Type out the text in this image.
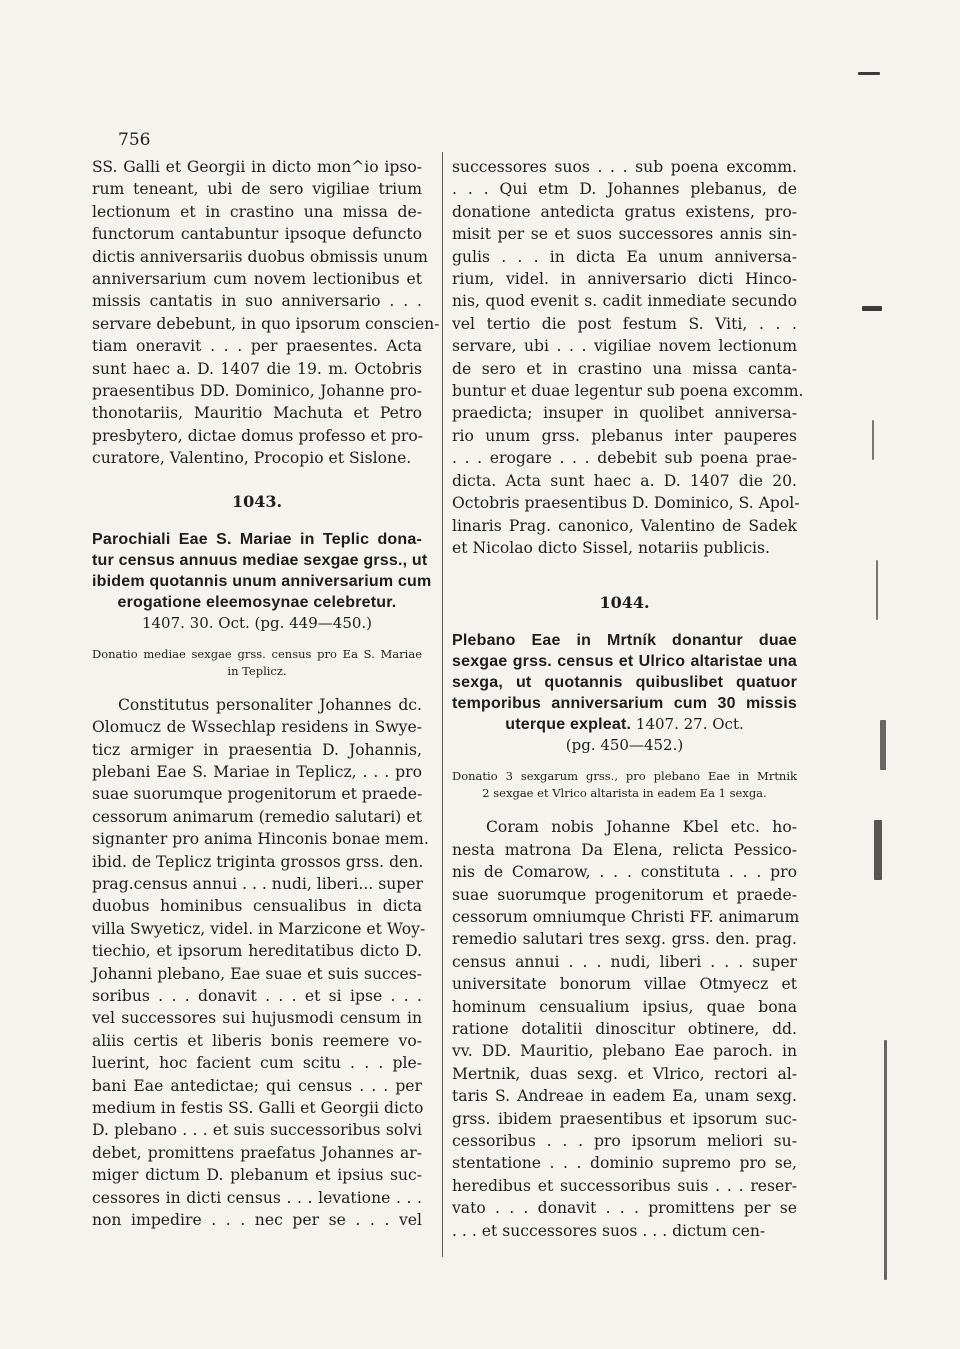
756
SS. Galli et Georgii in dicto mon^io ipso-
rum teneant, ubi de sero vigiliae trium
lectionum et in crastino una missa de-
functorum cantabuntur ipsoque defuncto
dictis anniversariis duobus obmissis unum
anniversarium cum novem lectionibus et
missis cantatis in suo anniversario . . .
servare debebunt, in quo ipsorum conscien-
tiam oneravit . . . per praesentes. Acta
sunt haec a. D. 1407 die 19. m. Octobris
praesentibus DD. Dominico, Johanne pro-
thonotariis, Mauritio Machuta et Petro
presbytero, dictae domus professo et pro-
curatore, Valentino, Procopio et Sislone.
1043.
Parochiali Eae S. Mariae in Teplic dona-
tur census annuus mediae sexgae grss., ut
ibidem quotannis unum anniversarium cum
erogatione eleemosynae celebretur.
1407. 30. Oct. (pg. 449—450.)
Donatio mediae sexgae grss. census pro Ea S. Mariae
in Teplicz.
Constitutus personaliter Johannes dc.
Olomucz de Wssechlap residens in Swye-
ticz armiger in praesentia D. Johannis,
plebani Eae S. Mariae in Teplicz, . . . pro
suae suorumque progenitorum et praede-
cessorum animarum (remedio salutari) et
signanter pro anima Hinconis bonae mem.
ibid. de Teplicz triginta grossos grss. den.
prag.census annui . . . nudi, liberi... super
duobus hominibus censualibus in dicta
villa Swyeticz, videl. in Marzicone et Woy-
tiechio, et ipsorum hereditatibus dicto D.
Johanni plebano, Eae suae et suis succes-
soribus . . . donavit . . . et si ipse . . .
vel successores sui hujusmodi censum in
aliis certis et liberis bonis reemere vo-
luerint, hoc facient cum scitu . . . ple-
bani Eae antedictae; qui census . . . per
medium in festis SS. Galli et Georgii dicto
D. plebano . . . et suis successoribus solvi
debet, promittens praefatus Johannes ar-
miger dictum D. plebanum et ipsius suc-
cessores in dicti census . . . levatione . . .
non impedire . . . nec per se . . . vel
successores suos . . . sub poena excomm.
. . . Qui etm D. Johannes plebanus, de
donatione antedicta gratus existens, pro-
misit per se et suos successores annis sin-
gulis . . . in dicta Ea unum anniversa-
rium, videl. in anniversario dicti Hinco-
nis, quod evenit s. cadit inmediate secundo
vel tertio die post festum S. Viti, . . .
servare, ubi . . . vigiliae novem lectionum
de sero et in crastino una missa canta-
buntur et duae legentur sub poena excomm.
praedicta; insuper in quolibet anniversa-
rio unum grss. plebanus inter pauperes
. . . erogare . . . debebit sub poena prae-
dicta. Acta sunt haec a. D. 1407 die 20.
Octobris praesentibus D. Dominico, S. Apol-
linaris Prag. canonico, Valentino de Sadek
et Nicolao dicto Sissel, notariis publicis.
1044.
Plebano Eae in Mrtník donantur duae
sexgae grss. census et Ulrico altaristae una
sexga, ut quotannis quibuslibet quatuor
temporibus anniversarium cum 30 missis
uterque expleat. 1407. 27. Oct.
(pg. 450—452.)
Donatio 3 sexgarum grss., pro plebano Eae in Mrtnik
2 sexgae et Vlrico altarista in eadem Ea 1 sexga.
Coram nobis Johanne Kbel etc. ho-
nesta matrona Da Elena, relicta Pessico-
nis de Comarow, . . . constituta . . . pro
suae suorumque progenitorum et praede-
cessorum omniumque Christi FF. animarum
remedio salutari tres sexg. grss. den. prag.
census annui . . . nudi, liberi . . . super
universitate bonorum villae Otmyecz et
hominum censualium ipsius, quae bona
ratione dotalitii dinoscitur obtinere, dd.
vv. DD. Mauritio, plebano Eae paroch. in
Mertnik, duas sexg. et Vlrico, rectori al-
taris S. Andreae in eadem Ea, unam sexg.
grss. ibidem praesentibus et ipsorum suc-
cessoribus . . . pro ipsorum meliori su-
stentatione . . . dominio supremo pro se,
heredibus et successoribus suis . . . reser-
vato . . . donavit . . . promittens per se
. . . et successores suos . . . dictum cen-
